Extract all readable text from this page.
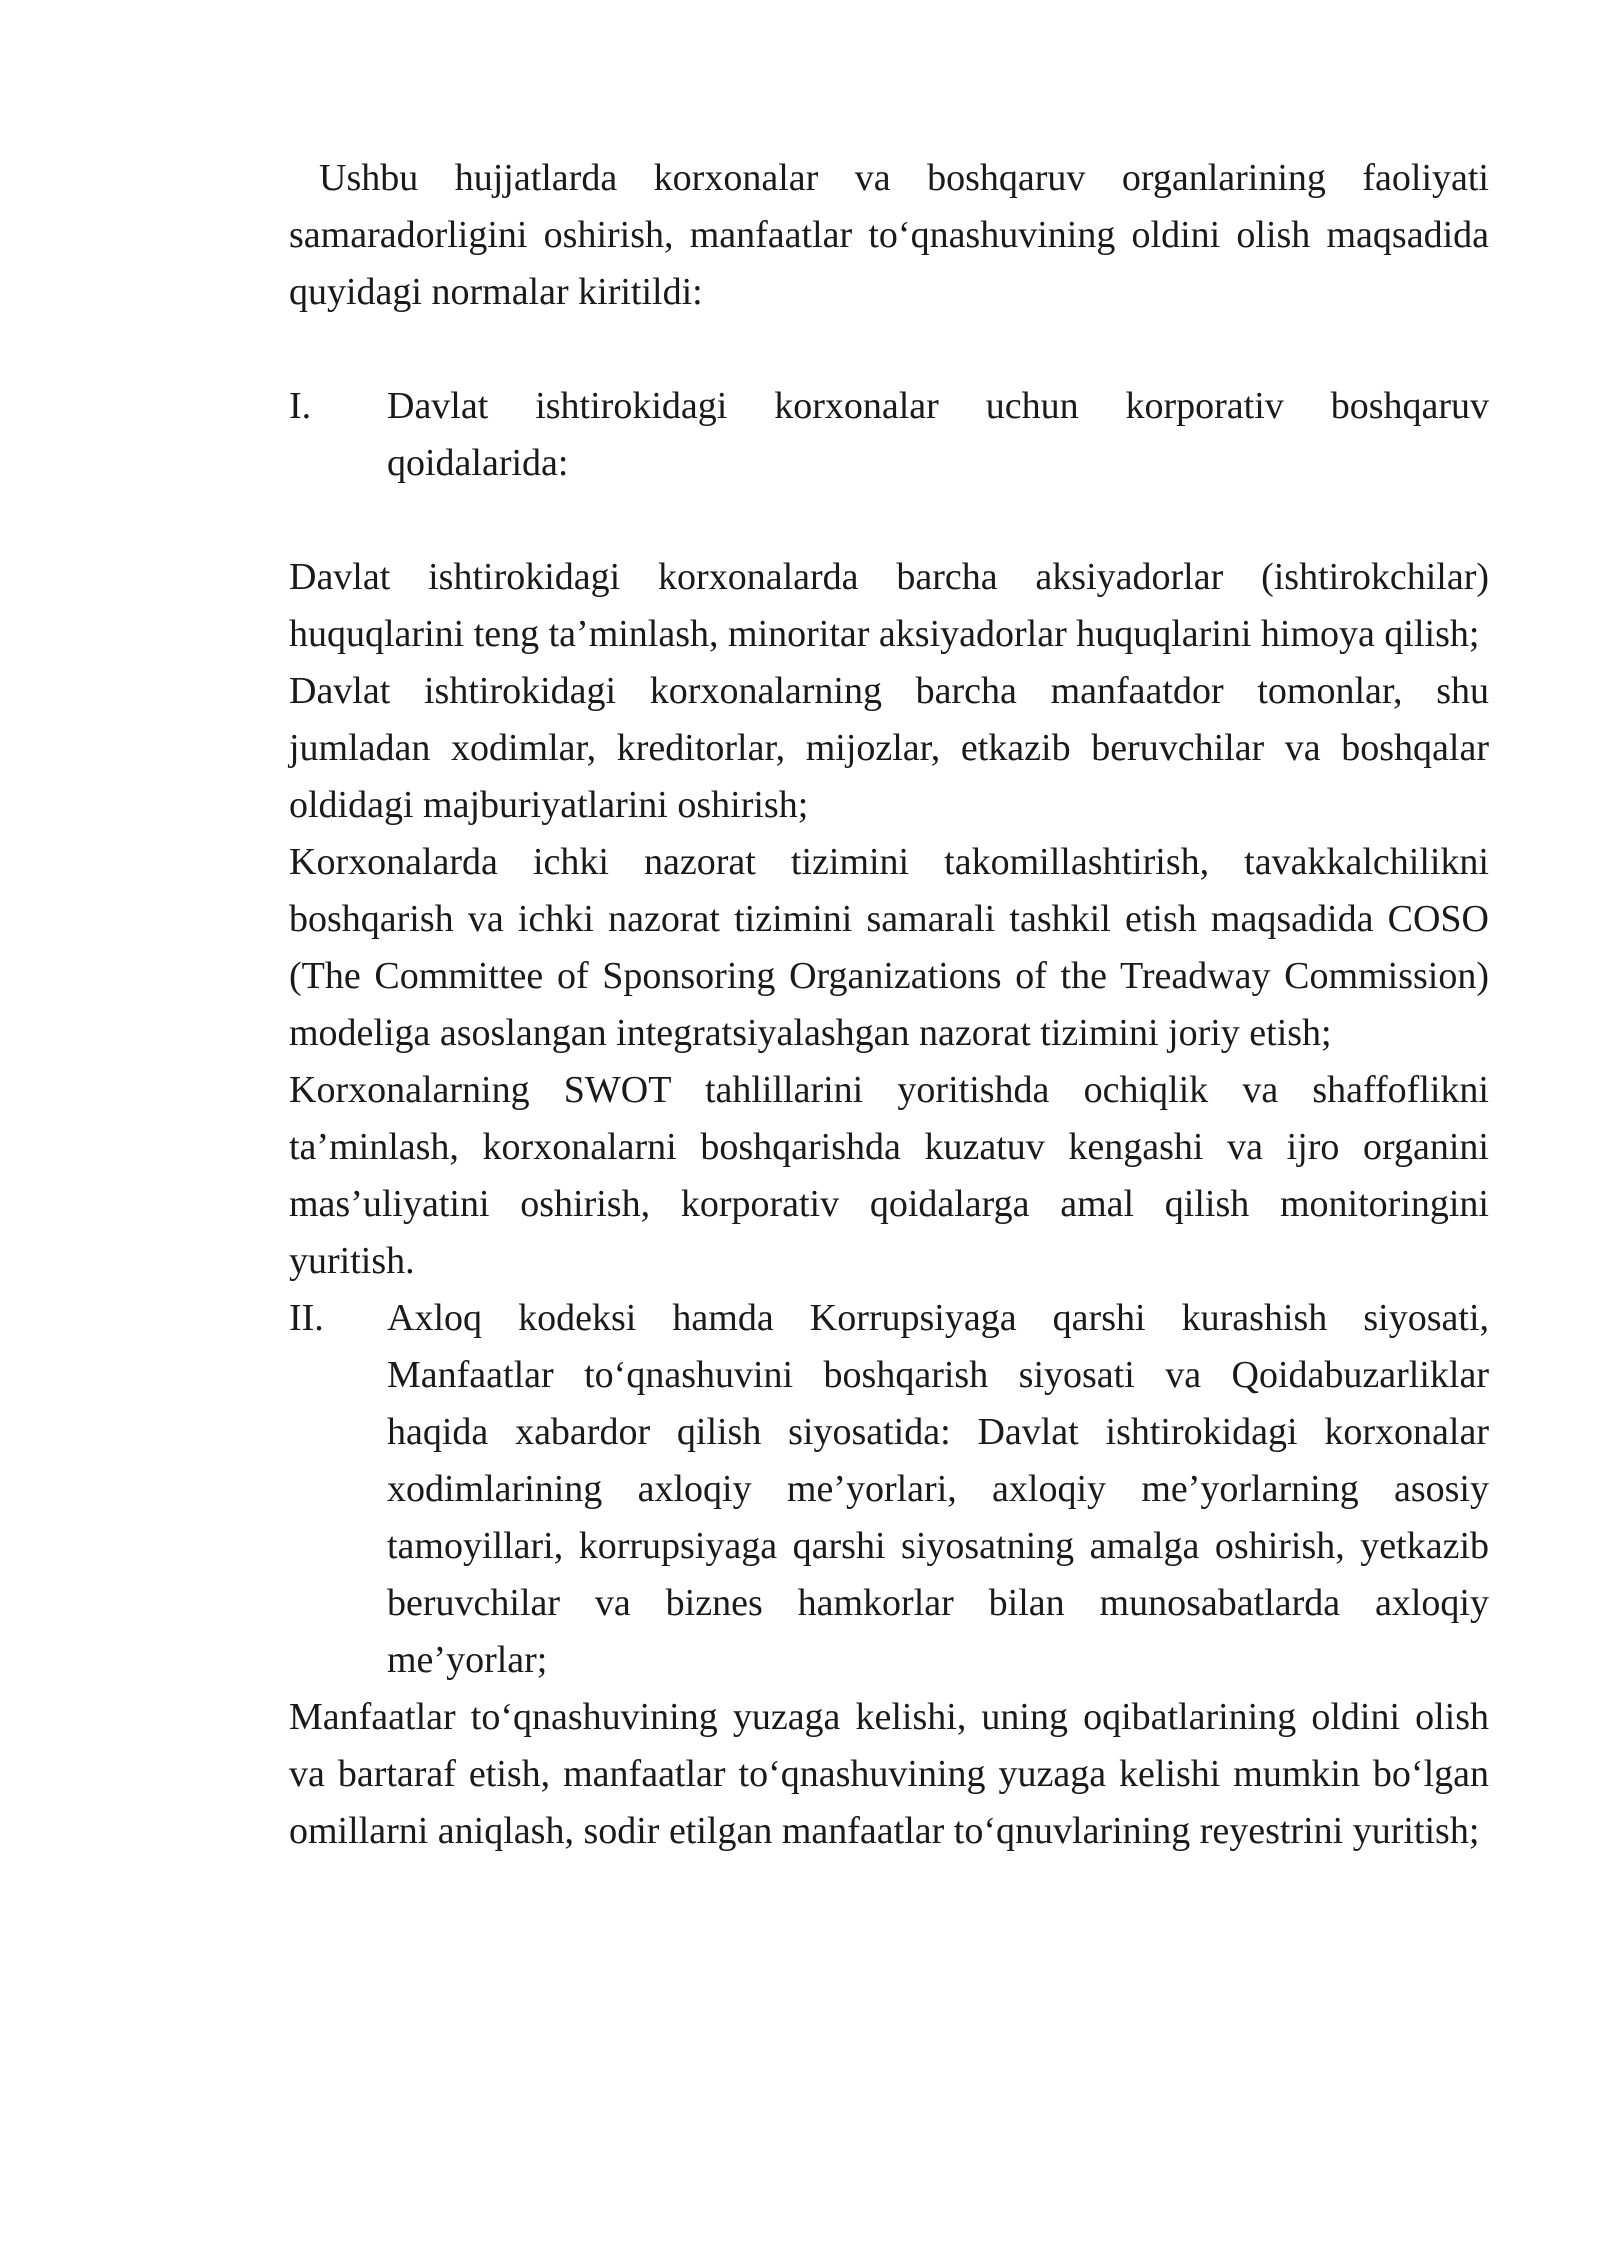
Ushbu hujjatlarda korxonalar va boshqaruv organlarining faoliyati samaradorligini oshirish, manfaatlar to‘qnashuvining oldini olish maqsadida quyidagi normalar kiritildi:

I.	Davlat ishtirokidagi korxonalar uchun korporativ boshqaruv qoidalarida:

Davlat ishtirokidagi korxonalarda barcha aksiyadorlar (ishtirokchilar) huquqlarini teng ta’minlash, minoritar aksiyadorlar huquqlarini himoya qilish;

Davlat ishtirokidagi korxonalarning barcha manfaatdor tomonlar, shu jumladan xodimlar, kreditorlar, mijozlar, etkazib beruvchilar va boshqalar oldidagi majburiyatlarini oshirish;

Korxonalarda ichki nazorat tizimini takomillashtirish, tavakkalchilikni boshqarish va ichki nazorat tizimini samarali tashkil etish maqsadida COSO (The Committee of Sponsoring Organizations of the Treadway Commission) modeliga asoslangan integratsiyalashgan nazorat tizimini joriy etish;

Korxonalarning SWOT tahlillarini yoritishda ochiqlik va shaffoflikni ta’minlash, korxonalarni boshqarishda kuzatuv kengashi va ijro organini mas’uliyatini oshirish, korporativ qoidalarga amal qilish monitoringini yuritish.

II.	Axloq kodeksi hamda Korrupsiyaga qarshi kurashish siyosati, Manfaatlar to‘qnashuvini boshqarish siyosati va Qoidabuzarliklar haqida xabardor qilish siyosatida: Davlat ishtirokidagi korxonalar xodimlarining axloqiy me’yorlari, axloqiy me’yorlarning asosiy tamoyillari, korrupsiyaga qarshi siyosatning amalga oshirish, yetkazib beruvchilar va biznes hamkorlar bilan munosabatlarda axloqiy me’yorlar;

Manfaatlar to‘qnashuvining yuzaga kelishi, uning oqibatlarining oldini olish va bartaraf etish, manfaatlar to‘qnashuvining yuzaga kelishi mumkin bo‘lgan omillarni aniqlash, sodir etilgan manfaatlar to‘qnuvlarining reyestrini yuritish;
